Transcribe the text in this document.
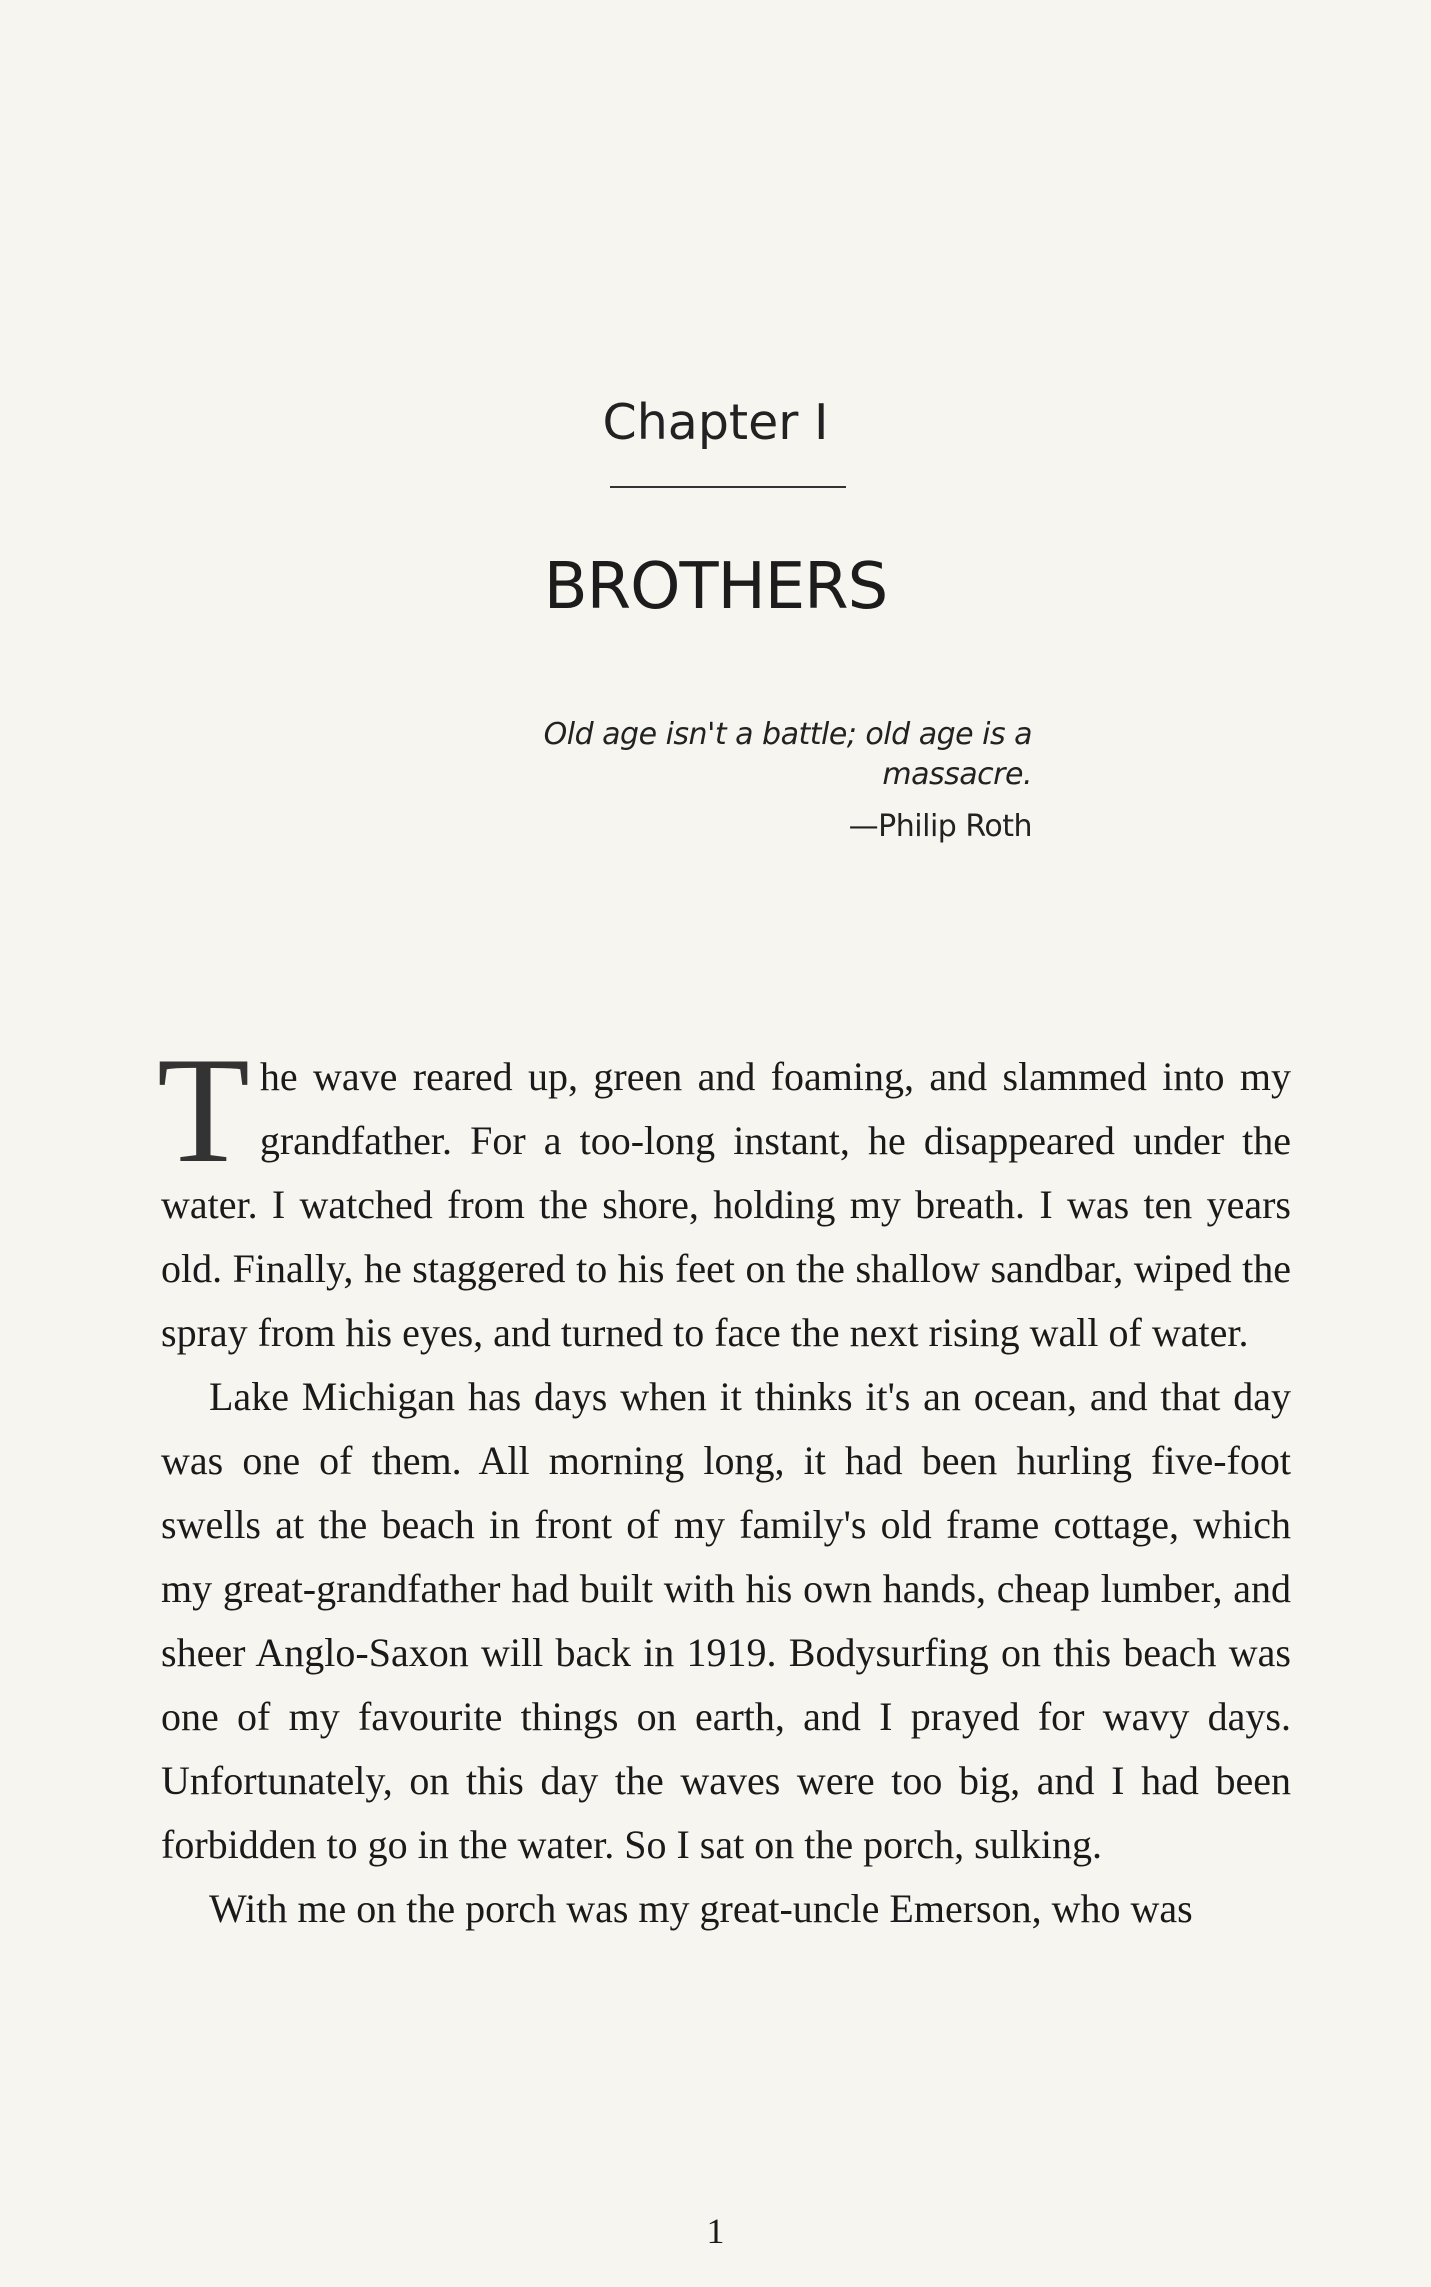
Chapter I
BROTHERS

Old age isn't a battle; old age is a massacre.

—Philip Roth

The wave reared up, green and foaming, and slammed into my grandfather. For a too-long instant, he disappeared under the water. I watched from the shore, holding my breath. I was ten years old. Finally, he staggered to his feet on the shallow sandbar, wiped the spray from his eyes, and turned to face the next rising wall of water.

Lake Michigan has days when it thinks it's an ocean, and that day was one of them. All morning long, it had been hurling five-foot swells at the beach in front of my family's old frame cottage, which my great-grandfather had built with his own hands, cheap lumber, and sheer Anglo-Saxon will back in 1919. Bodysurfing on this beach was one of my favourite things on earth, and I prayed for wavy days. Unfortunately, on this day the waves were too big, and I had been forbidden to go in the water. So I sat on the porch, sulking.

With me on the porch was my great-uncle Emerson, who was

1
